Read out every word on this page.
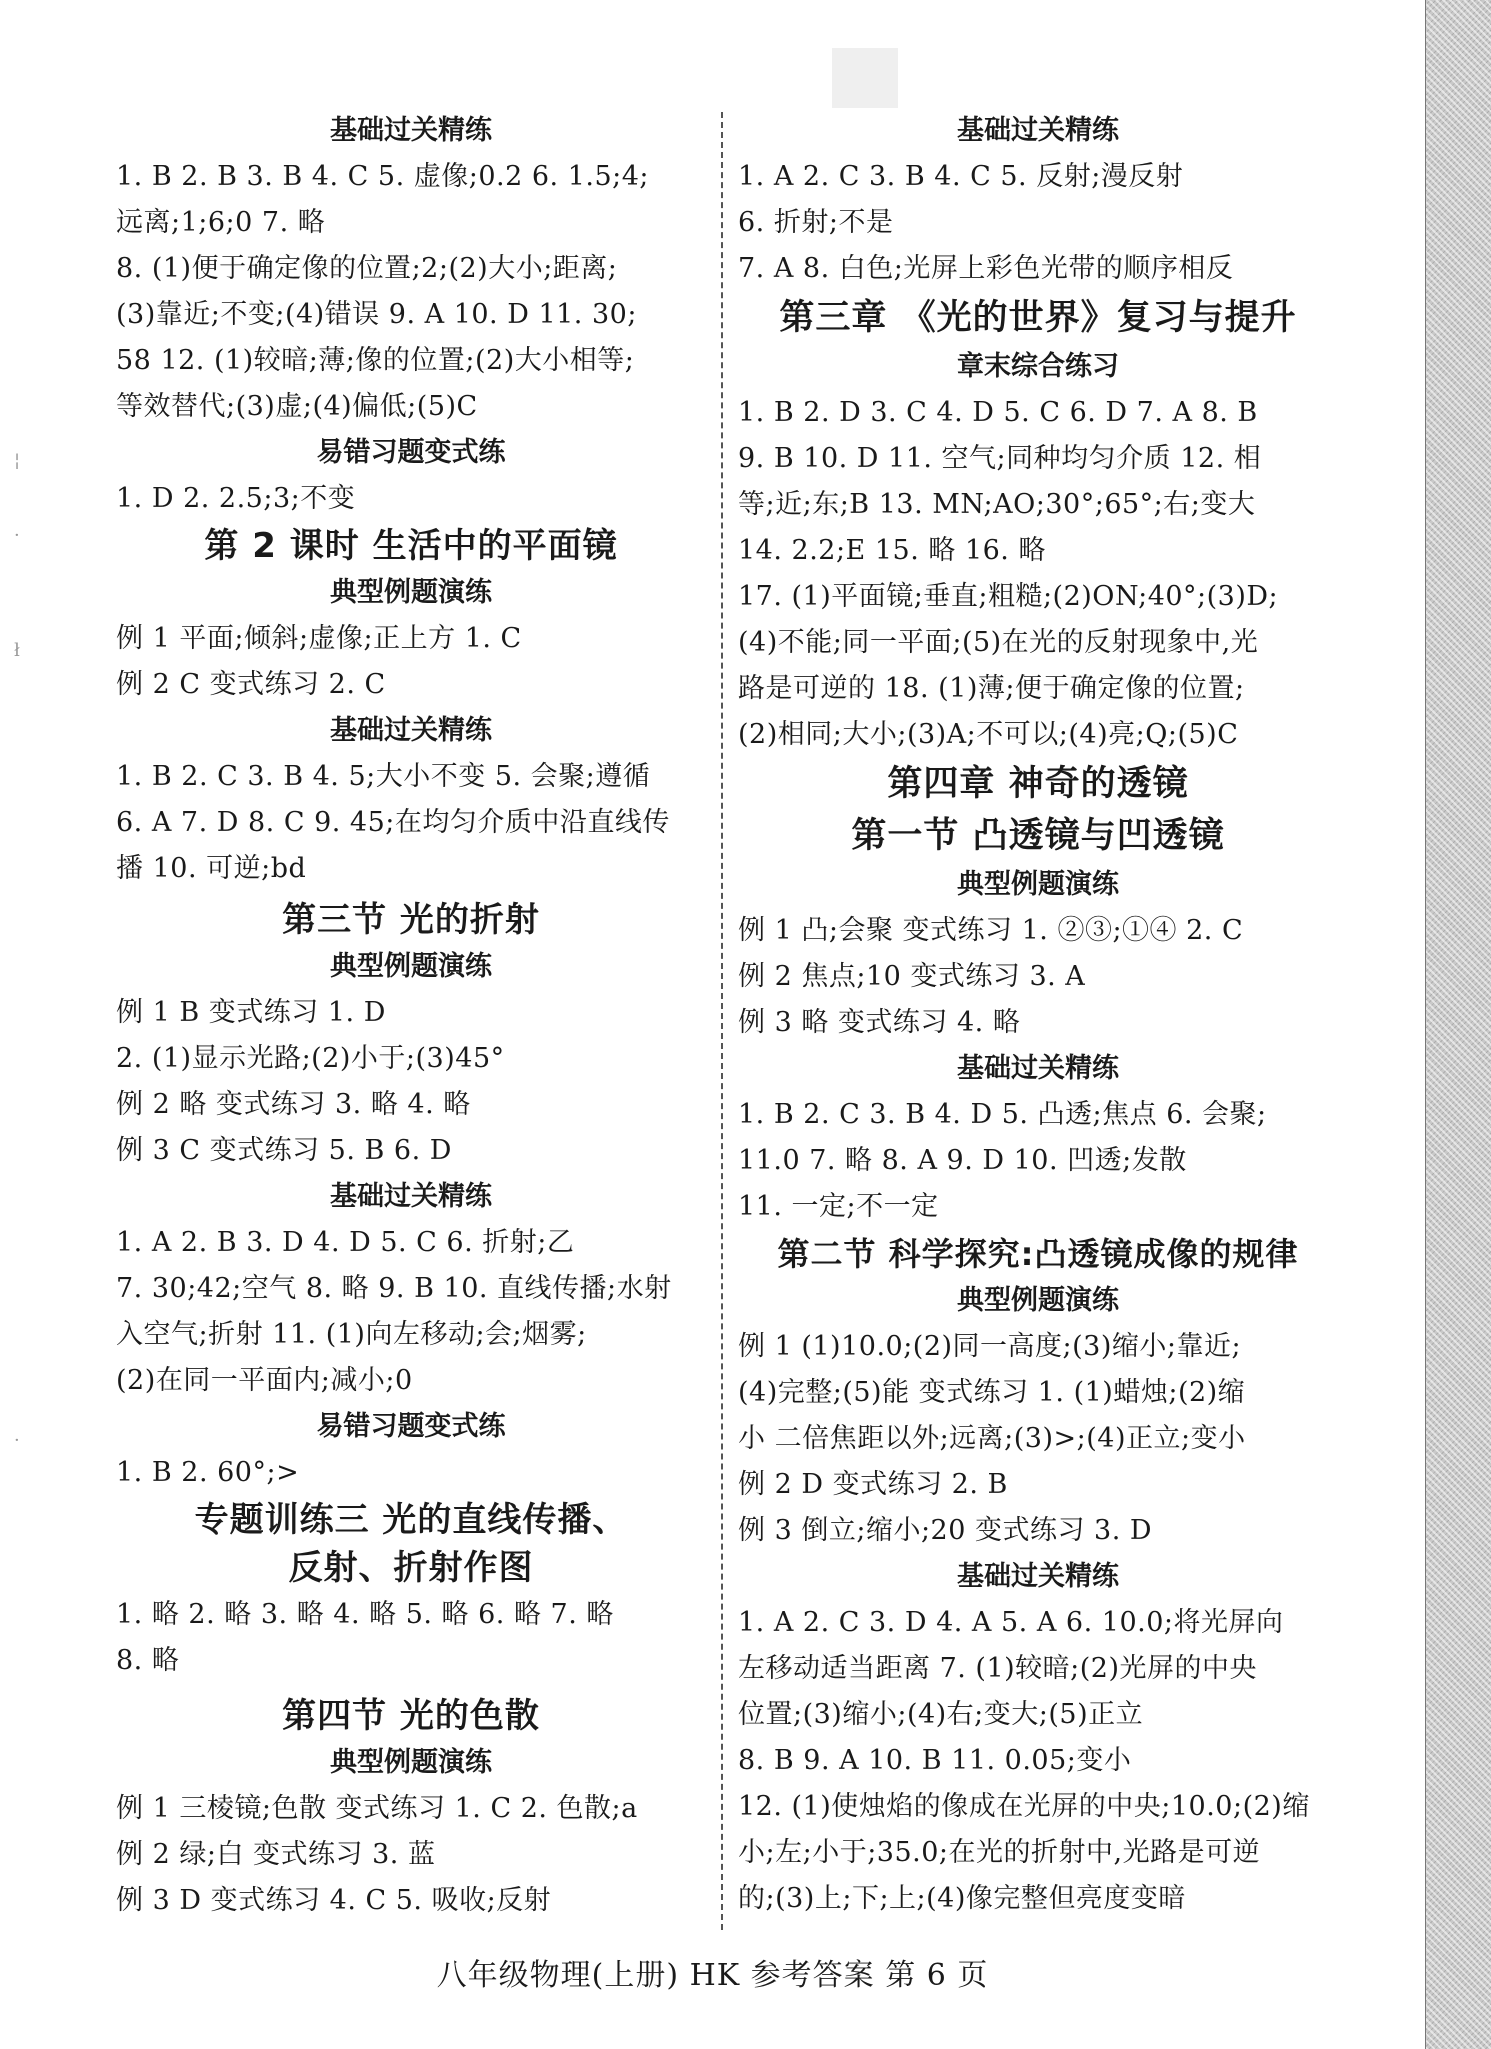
¦
·
ł
·
基础过关精练
1. B 2. B 3. B 4. C 5. 虚像;0.2 6. 1.5;4;
远离;1;6;0 7. 略
8. (1)便于确定像的位置;2;(2)大小;距离;
(3)靠近;不变;(4)错误 9. A 10. D 11. 30;
58 12. (1)较暗;薄;像的位置;(2)大小相等;
等效替代;(3)虚;(4)偏低;(5)C
易错习题变式练
1. D 2. 2.5;3;不变
第 2 课时 生活中的平面镜
典型例题演练
例 1 平面;倾斜;虚像;正上方 1. C
例 2 C 变式练习 2. C
基础过关精练
1. B 2. C 3. B 4. 5;大小不变 5. 会聚;遵循
6. A 7. D 8. C 9. 45;在均匀介质中沿直线传
播 10. 可逆;bd
第三节 光的折射
典型例题演练
例 1 B 变式练习 1. D
2. (1)显示光路;(2)小于;(3)45°
例 2 略 变式练习 3. 略 4. 略
例 3 C 变式练习 5. B 6. D
基础过关精练
1. A 2. B 3. D 4. D 5. C 6. 折射;乙
7. 30;42;空气 8. 略 9. B 10. 直线传播;水射
入空气;折射 11. (1)向左移动;会;烟雾;
(2)在同一平面内;减小;0
易错习题变式练
1. B 2. 60°;>
专题训练三 光的直线传播、
反射、折射作图
1. 略 2. 略 3. 略 4. 略 5. 略 6. 略 7. 略
8. 略
第四节 光的色散
典型例题演练
例 1 三棱镜;色散 变式练习 1. C 2. 色散;a
例 2 绿;白 变式练习 3. 蓝
例 3 D 变式练习 4. C 5. 吸收;反射
基础过关精练
1. A 2. C 3. B 4. C 5. 反射;漫反射
6. 折射;不是
7. A 8. 白色;光屏上彩色光带的顺序相反
第三章 《光的世界》复习与提升
章末综合练习
1. B 2. D 3. C 4. D 5. C 6. D 7. A 8. B
9. B 10. D 11. 空气;同种均匀介质 12. 相
等;近;东;B 13. MN;AO;30°;65°;右;变大
14. 2.2;E 15. 略 16. 略
17. (1)平面镜;垂直;粗糙;(2)ON;40°;(3)D;
(4)不能;同一平面;(5)在光的反射现象中,光
路是可逆的 18. (1)薄;便于确定像的位置;
(2)相同;大小;(3)A;不可以;(4)亮;Q;(5)C
第四章 神奇的透镜
第一节 凸透镜与凹透镜
典型例题演练
例 1 凸;会聚 变式练习 1. ②③;①④ 2. C
例 2 焦点;10 变式练习 3. A
例 3 略 变式练习 4. 略
基础过关精练
1. B 2. C 3. B 4. D 5. 凸透;焦点 6. 会聚;
11.0 7. 略 8. A 9. D 10. 凹透;发散
11. 一定;不一定
第二节 科学探究:凸透镜成像的规律
典型例题演练
例 1 (1)10.0;(2)同一高度;(3)缩小;靠近;
(4)完整;(5)能 变式练习 1. (1)蜡烛;(2)缩
小 二倍焦距以外;远离;(3)>;(4)正立;变小
例 2 D 变式练习 2. B
例 3 倒立;缩小;20 变式练习 3. D
基础过关精练
1. A 2. C 3. D 4. A 5. A 6. 10.0;将光屏向
左移动适当距离 7. (1)较暗;(2)光屏的中央
位置;(3)缩小;(4)右;变大;(5)正立
8. B 9. A 10. B 11. 0.05;变小
12. (1)使烛焰的像成在光屏的中央;10.0;(2)缩
小;左;小于;35.0;在光的折射中,光路是可逆
的;(3)上;下;上;(4)像完整但亮度变暗
八年级物理(上册) HK 参考答案 第 6 页
